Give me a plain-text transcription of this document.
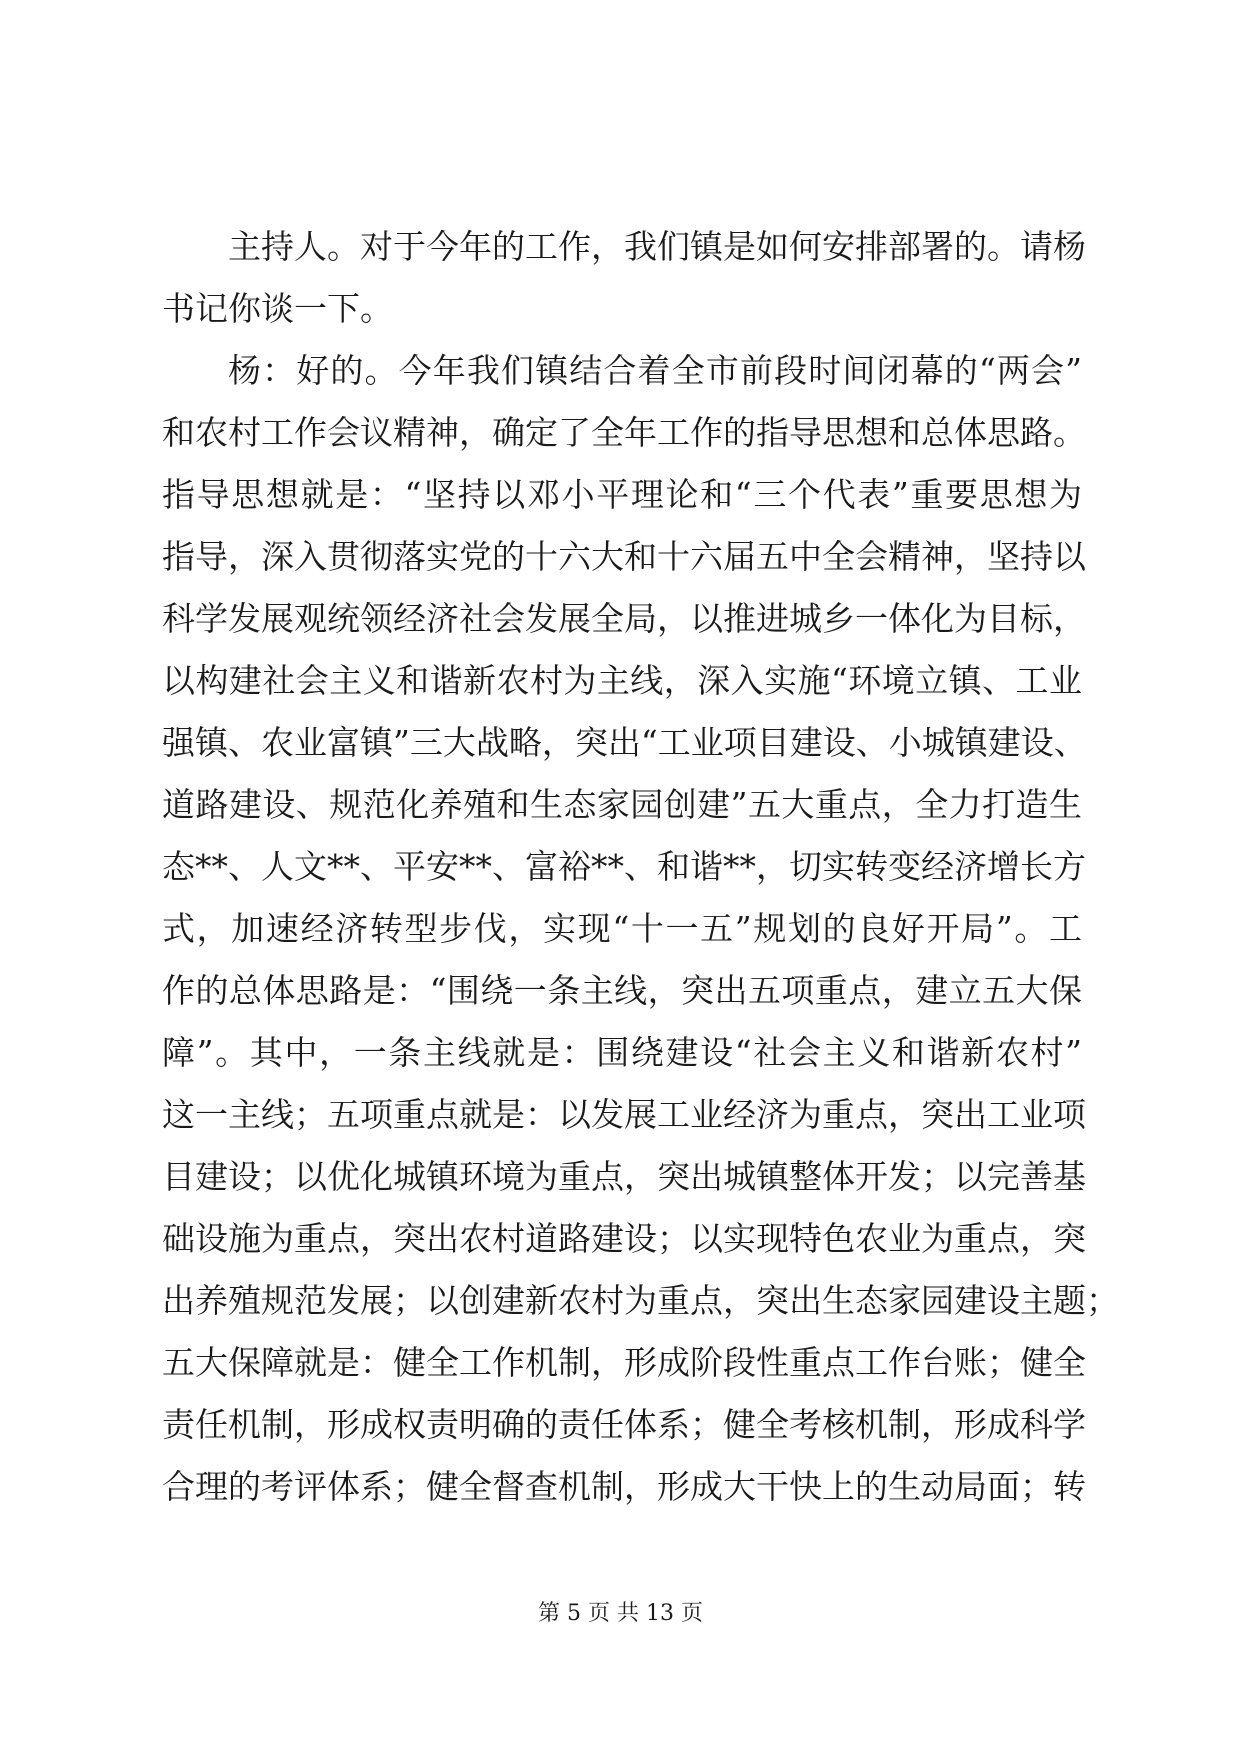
主持人。对于今年的工作，我们镇是如何安排部署的。请杨
书记你谈一下。
杨：好的。今年我们镇结合着全市前段时间闭幕的“两会”
和农村工作会议精神，确定了全年工作的指导思想和总体思路。
指导思想就是：“坚持以邓小平理论和“三个代表”重要思想为
指导，深入贯彻落实党的十六大和十六届五中全会精神，坚持以
科学发展观统领经济社会发展全局，以推进城乡一体化为目标，
以构建社会主义和谐新农村为主线，深入实施“环境立镇、工业
强镇、农业富镇”三大战略，突出“工业项目建设、小城镇建设、
道路建设、规范化养殖和生态家园创建”五大重点，全力打造生
态**、人文**、平安**、富裕**、和谐**，切实转变经济增长方
式，加速经济转型步伐，实现“十一五”规划的良好开局”。工
作的总体思路是：“围绕一条主线，突出五项重点，建立五大保
障”。其中，一条主线就是：围绕建设“社会主义和谐新农村”
这一主线；五项重点就是：以发展工业经济为重点，突出工业项
目建设；以优化城镇环境为重点，突出城镇整体开发；以完善基
础设施为重点，突出农村道路建设；以实现特色农业为重点，突
出养殖规范发展；以创建新农村为重点，突出生态家园建设主题；
五大保障就是：健全工作机制，形成阶段性重点工作台账；健全
责任机制，形成权责明确的责任体系；健全考核机制，形成科学
合理的考评体系；健全督查机制，形成大干快上的生动局面；转
第 5 页 共 13 页
